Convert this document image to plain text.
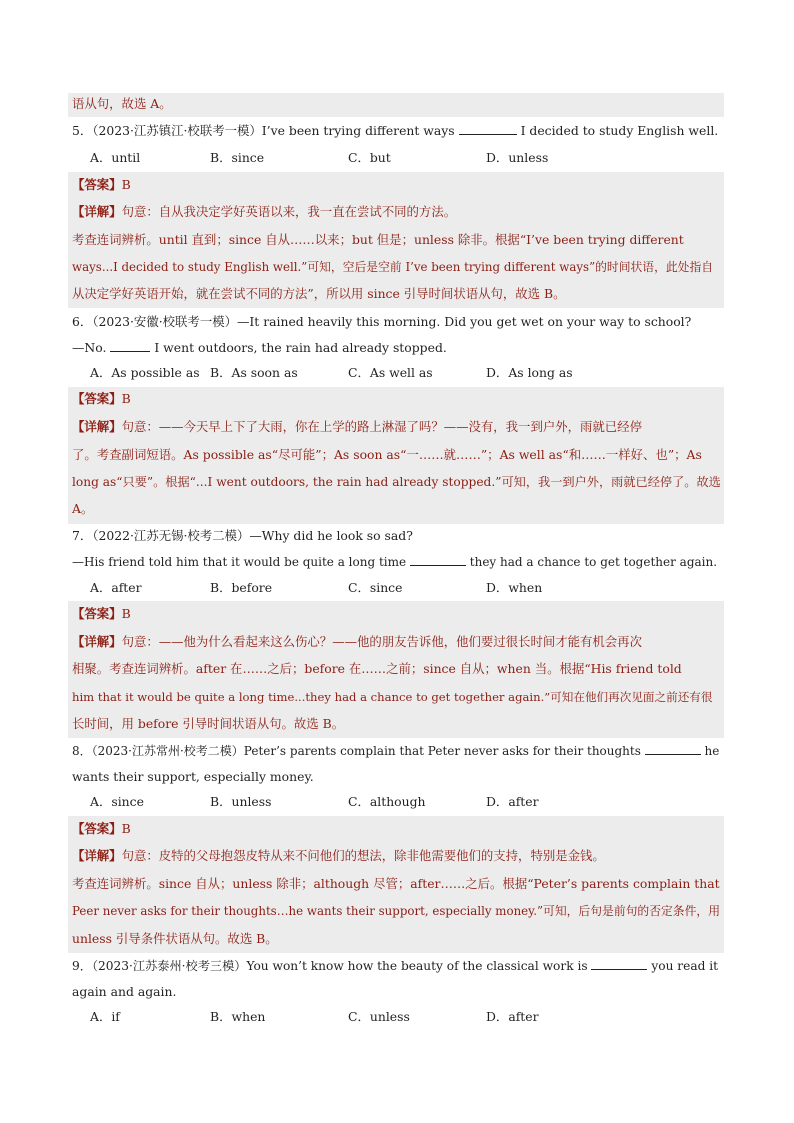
语从句，故选 A。
5．（2023·江苏镇江·校联考一模）I’ve been trying different ways	I decided to study English well.
A．until	B．since	C．but	D．unless
【答案】B
【详解】句意：自从我决定学好英语以来，我一直在尝试不同的方法。
考查连词辨析。until 直到；since 自从……以来；but 但是；unless 除非。根据“I’ve been trying different
ways...I decided to study English well.”可知，空后是空前 I’ve been trying different ways”的时间状语，此处指自
从决定学好英语开始，就在尝试不同的方法”，所以用 since 引导时间状语从句，故选 B。
6．（2023·安徽·校联考一模）—It rained heavily this morning. Did you get wet on your way to school?
—No.	I went outdoors, the rain had already stopped.
A．As possible as B．As soon as	C．As well as	D．As long as
【答案】B
【详解】句意：——今天早上下了大雨，你在上学的路上淋湿了吗？——没有，我一到户外，雨就已经停
了。考查副词短语。As possible as“尽可能”；As soon as“一……就……”；As well as“和……一样好、也”；As
long as“只要”。根据“...I went outdoors, the rain had already stopped.”可知，我一到户外，雨就已经停了。故选
A。
7．（2022·江苏无锡·校考二模）—Why did he look so sad?
—His friend told him that it would be quite a long time	they had a chance to get together again.
A．after	B．before	C．since	D．when
【答案】B
【详解】句意：——他为什么看起来这么伤心？——他的朋友告诉他，他们要过很长时间才能有机会再次
相聚。考查连词辨析。after 在……之后；before 在……之前；since 自从；when 当。根据“His friend told
him that it would be quite a long time...they had a chance to get together again.”可知在他们再次见面之前还有很
长时间，用 before 引导时间状语从句。故选 B。
8．（2023·江苏常州·校考二模）Peter’s parents complain that Peter never asks for their thoughts	he
wants their support, especially money.
A．since	B．unless	C．although	D．after
【答案】B
【详解】句意：皮特的父母抱怨皮特从来不问他们的想法，除非他需要他们的支持，特别是金钱。
考查连词辨析。since 自从；unless 除非；although 尽管；after……之后。根据“Peter’s parents complain that
Peer never asks for their thoughts…he wants their support, especially money.”可知，后句是前句的否定条件，用
unless 引导条件状语从句。故选 B。
9．（2023·江苏泰州·校考三模）You won’t know how the beauty of the classical work is	you read it
again and again.
A．if	B．when	C．unless	D．after
